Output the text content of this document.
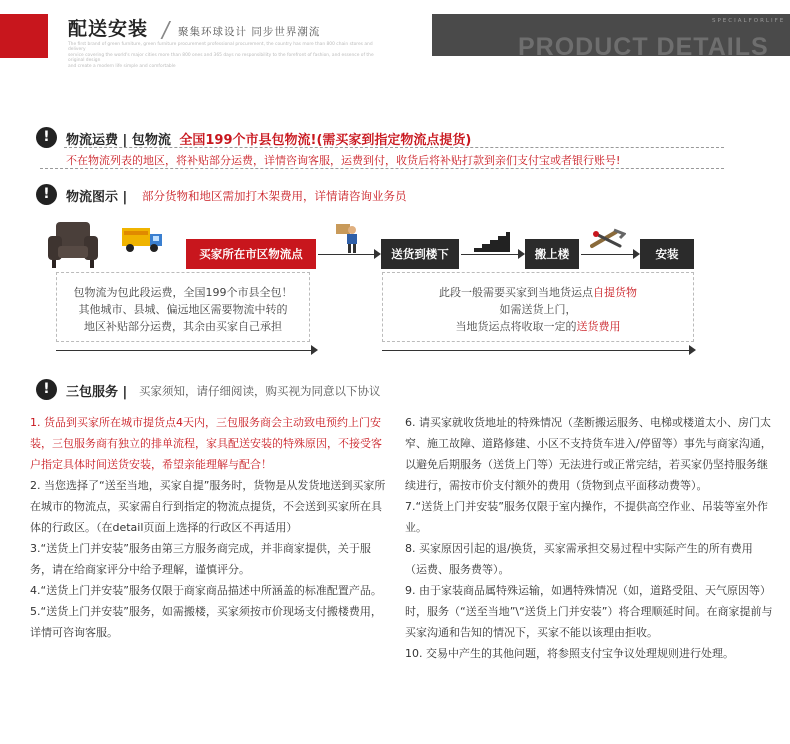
配送安装 / 聚集环球设计 同步世界潮流
The first brand of green furniture, green furniture procurement professional procurement, the country has more than 800 chain stores and delivery
service covering the world's major cities more than 800 ones and 365 days no responsibility to the forefront of fashion, and essence of the original design
and create a modern life simple and comfortable
SPECIALFORLIFE
PRODUCT DETAILS
!	物流运费 | 包物流 全国199个市县包物流!(需买家到指定物流点提货)
不在物流列表的地区，将补贴部分运费，详情咨询客服，运费到付，收货后将补贴打款到亲们支付宝或者银行账号!
!	物流图示 | 部分货物和地区需加打木架费用，详情请咨询业务员
买家所在市区物流点	送货到楼下	搬上楼	安装
包物流为包此段运费，全国199个市县全包！
其他城市、县城、偏远地区需要物流中转的
地区补贴部分运费，其余由买家自己承担
此段一般需要买家到当地货运点自提货物
如需送货上门，
当地货运点将收取一定的送货费用
!	三包服务 | 买家须知，请仔细阅读，购买视为同意以下协议

1. 货品到买家所在城市提货点4天内，三包服务商会主动致电预约上门安装，三包服务商有独立的排单流程，家具配送安装的特殊原因，不接受客户指定具体时间送货安装，希望亲能理解与配合！

2. 当您选择了“送至当地，买家自提”服务时，货物是从发货地送到买家所在城市的物流点，买家需自行到指定的物流点提货，不会送到买家所在具体的行政区。（在detail页面上选择的行政区不再适用）

3.“送货上门并安装”服务由第三方服务商完成，并非商家提供，关于服务，请在给商家评分中给予理解，谨慎评分。

4.“送货上门并安装”服务仅限于商家商品描述中所涵盖的标准配置产品。

5.“送货上门并安装”服务，如需搬楼，买家须按市价现场支付搬楼费用，详情可咨询客服。

6. 请买家就收货地址的特殊情况（垄断搬运服务、电梯或楼道太小、房门太窄、施工故障、道路修建、小区不支持货车进入/停留等）事先与商家沟通，以避免后期服务（送货上门等）无法进行或正常完结，若买家仍坚持服务继续进行，需按市价支付额外的费用（货物到点平面移动费等）。

7.“送货上门并安装”服务仅限于室内操作，不提供高空作业、吊装等室外作业。

8. 买家原因引起的退/换货，买家需承担交易过程中实际产生的所有费用（运费、服务费等）。

9. 由于家装商品属特殊运输，如遇特殊情况（如，道路受阻、天气原因等）时，服务（“送至当地”\“送货上门并安装”）将合理顺延时间。在商家提前与买家沟通和告知的情况下，买家不能以该理由拒收。

10. 交易中产生的其他问题，将参照支付宝争议处理规则进行处理。
